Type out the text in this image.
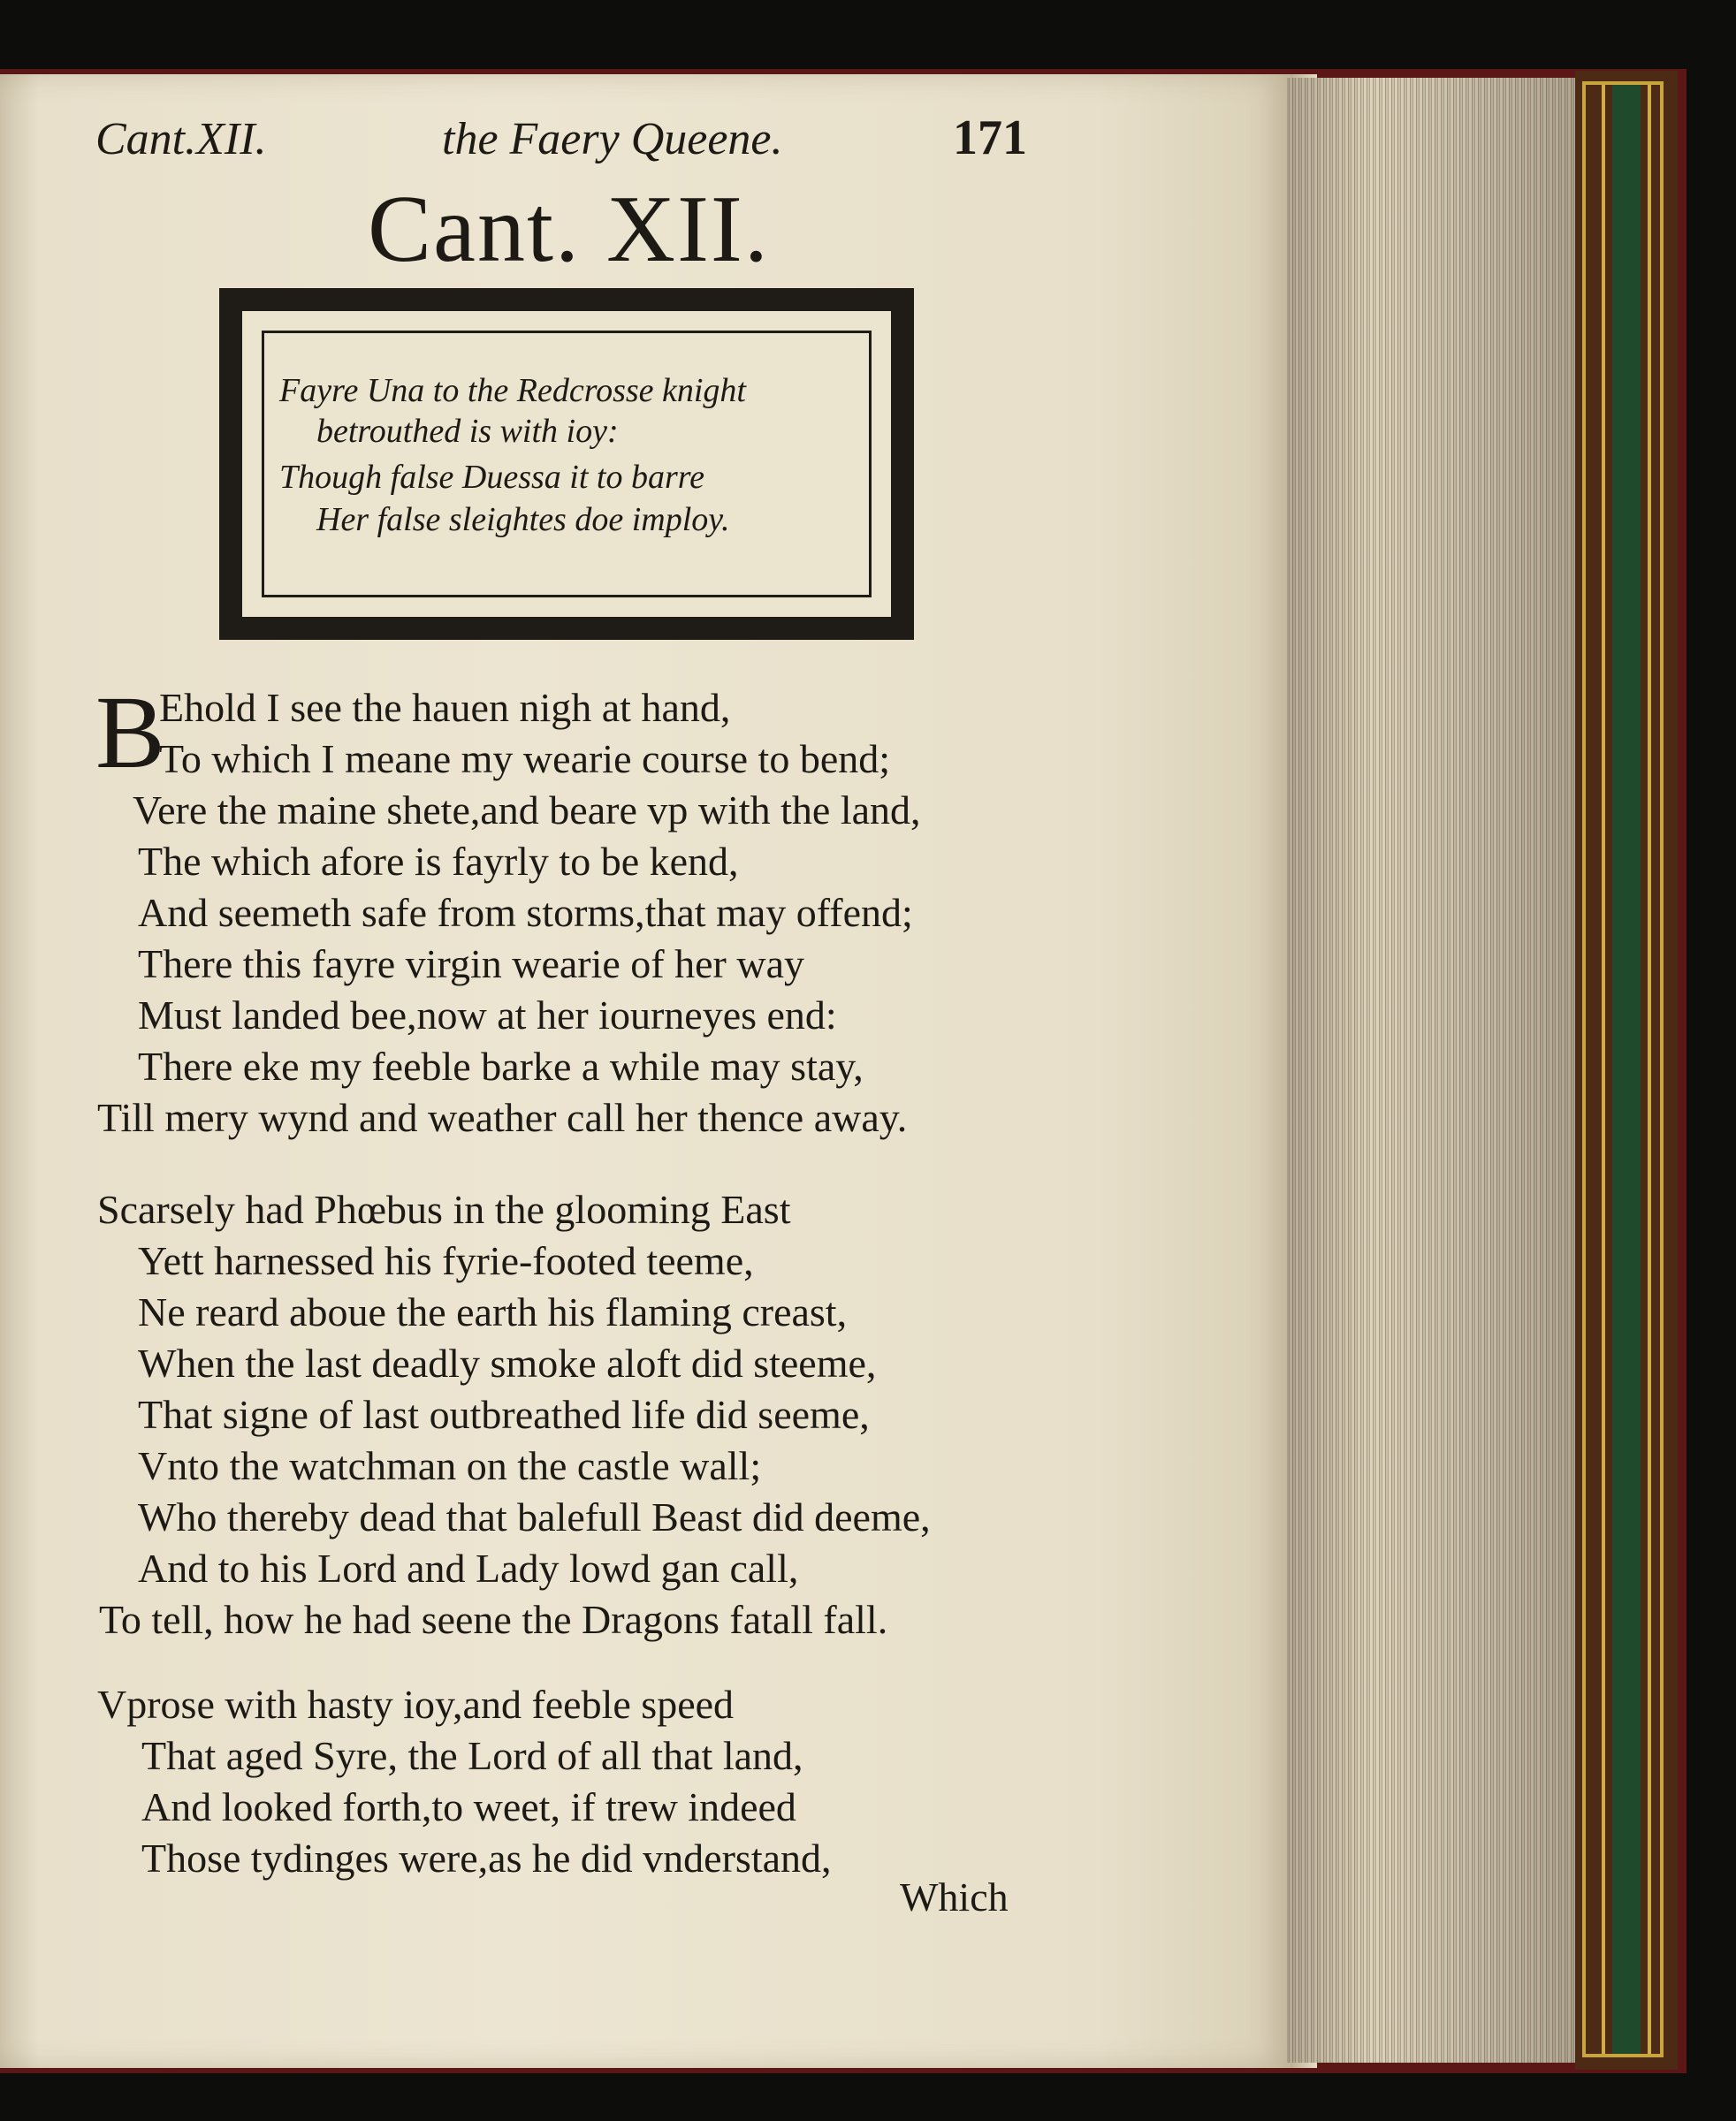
Cant.XII.	the Faery Queene.	171
Cant. XII.
Fayre Una to the Redcrosse knight
betrouthed is with ioy:
Though false Duessa it to barre
Her false sleightes doe imploy.
B
Ehold I see the hauen nigh at hand,
To which I meane my wearie course to bend;
Vere the maine shete,and beare vp with the land,
The which afore is fayrly to be kend,
And seemeth safe from storms,that may offend;
There this fayre virgin wearie of her way
Must landed bee,now at her iourneyes end:
There eke my feeble barke a while may stay,
Till mery wynd and weather call her thence away.
Scarsely had Phœbus in the glooming East
Yett harnessed his fyrie-footed teeme,
Ne reard aboue the earth his flaming creast,
When the last deadly smoke aloft did steeme,
That signe of last outbreathed life did seeme,
Vnto the watchman on the castle wall;
Who thereby dead that balefull Beast did deeme,
And to his Lord and Lady lowd gan call,
To tell, how he had seene the Dragons fatall fall.
Vprose with hasty ioy,and feeble speed
That aged Syre, the Lord of all that land,
And looked forth,to weet, if trew indeed
Those tydinges were,as he did vnderstand,
Which
